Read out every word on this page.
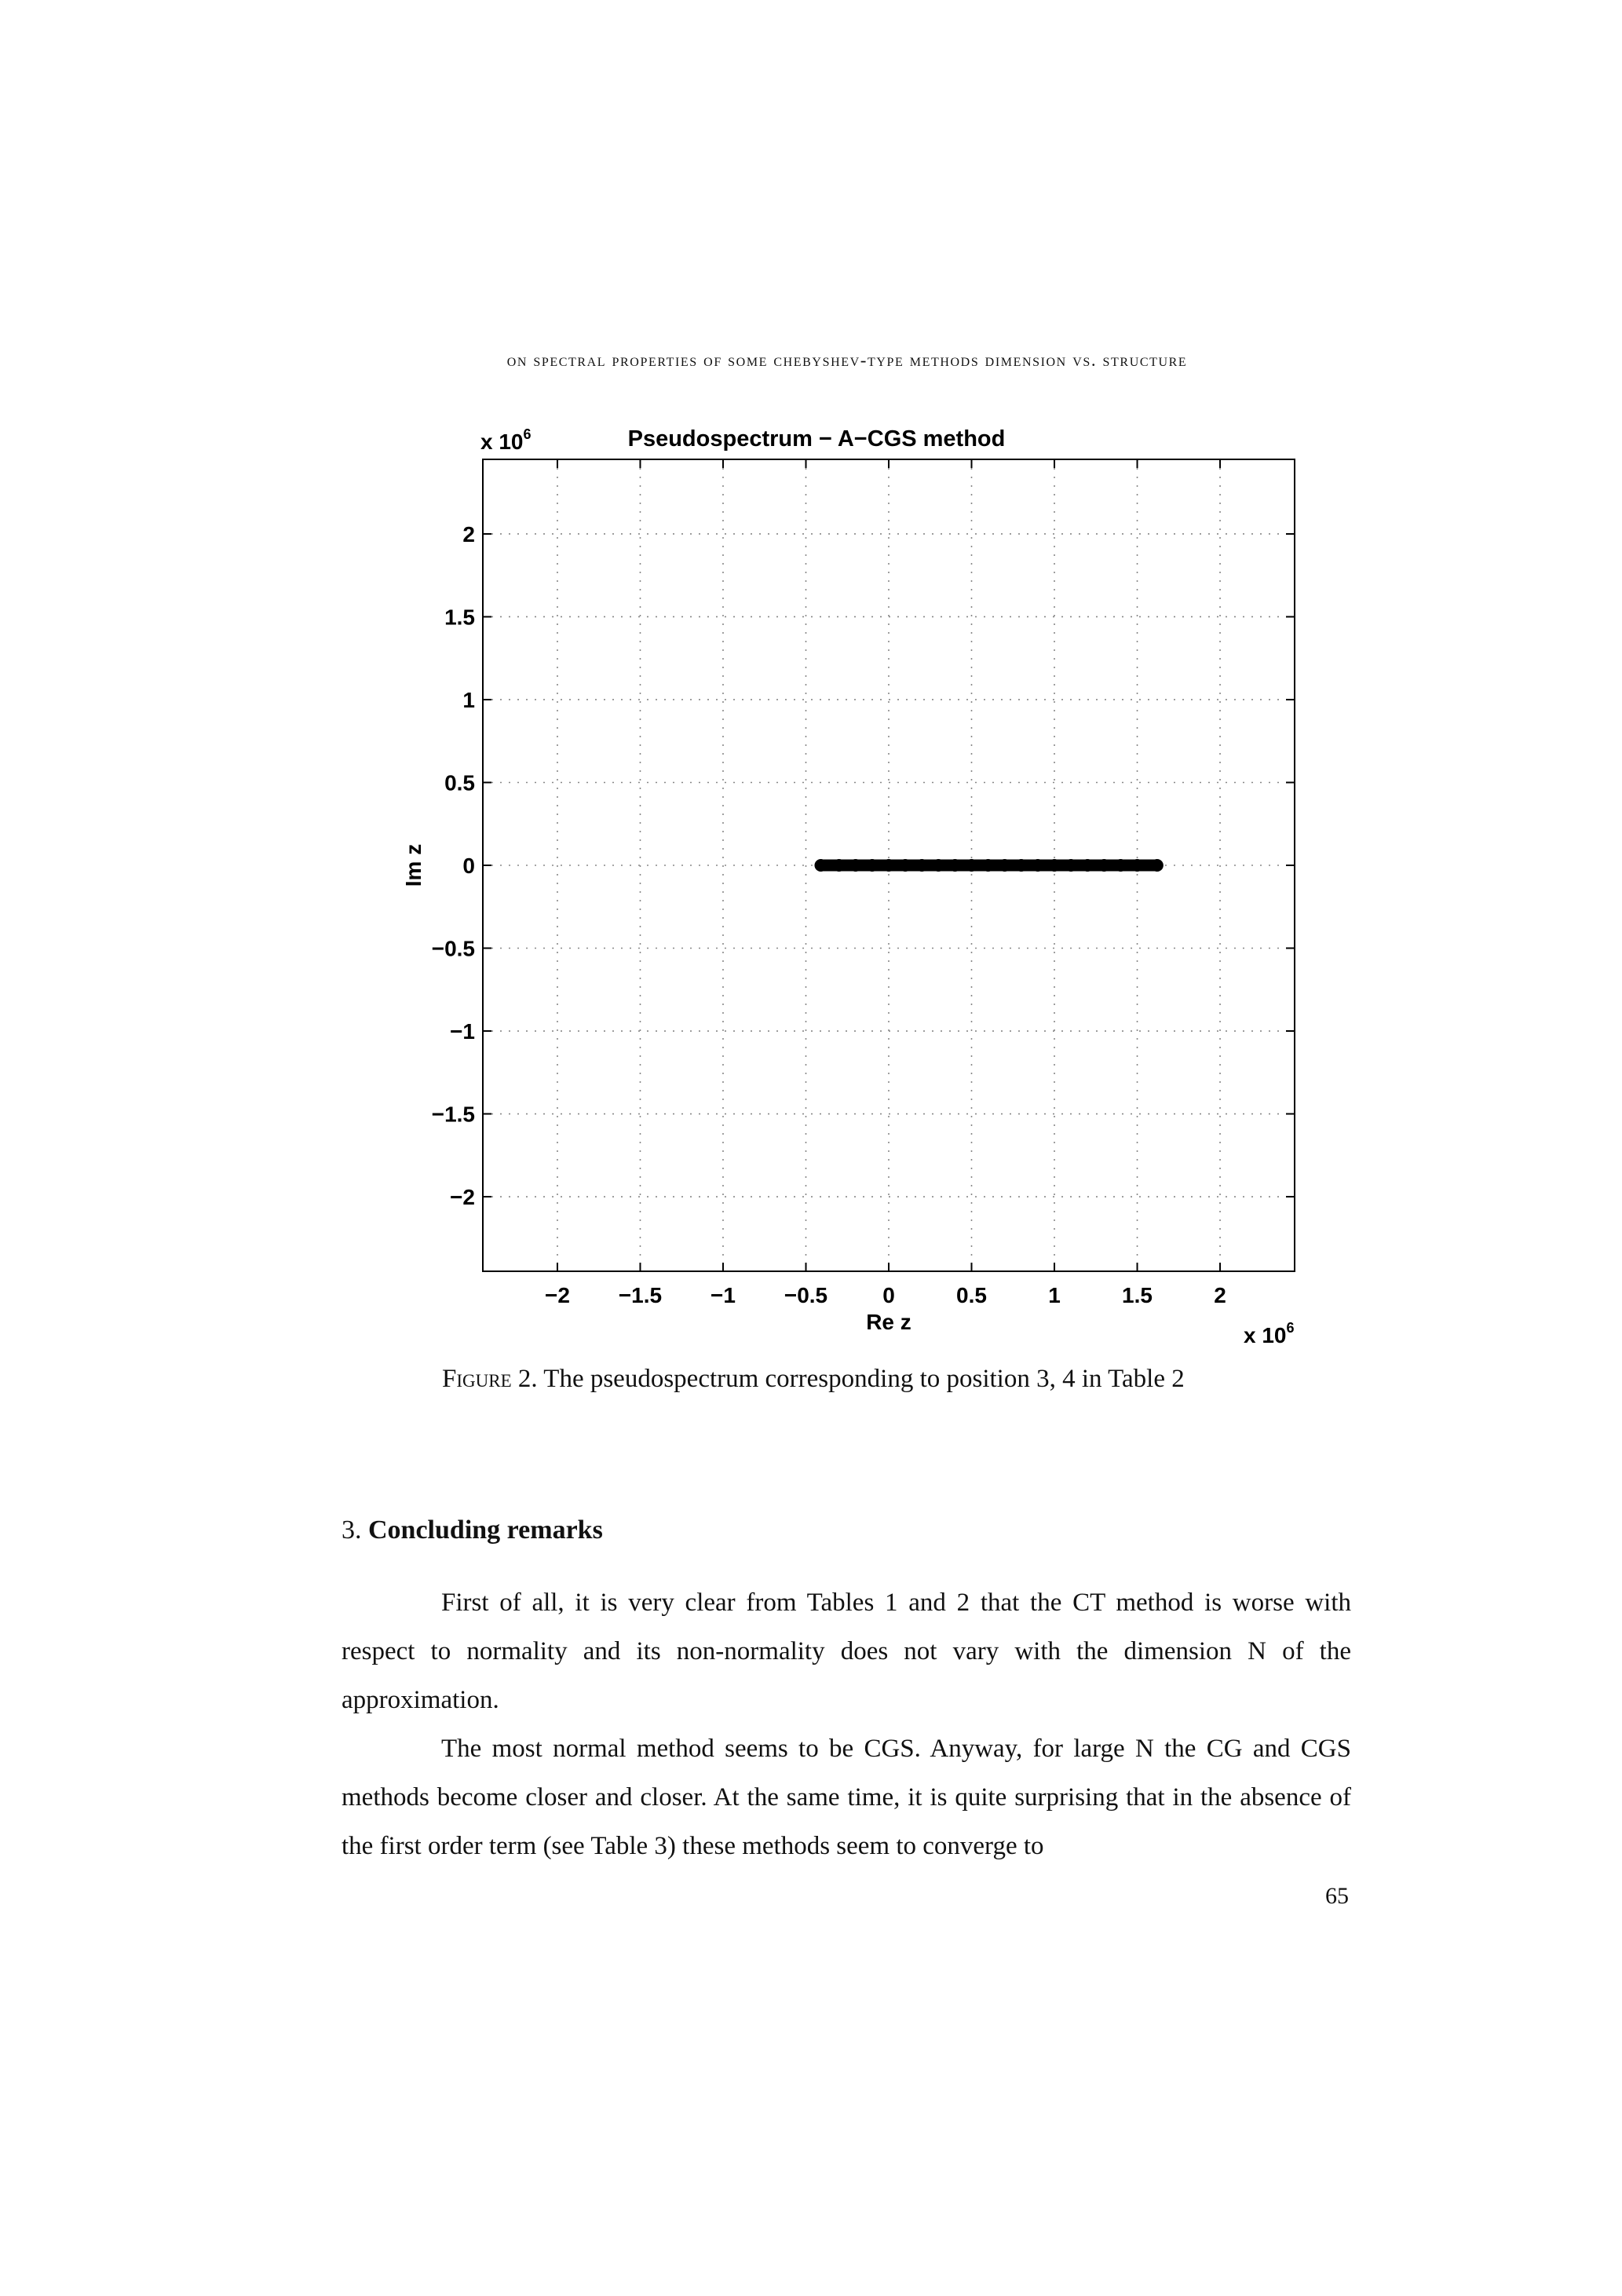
on spectral properties of some chebyshev-type methods dimension vs. structure
Pseudospectrum − A−CGS method
x $10^6$
x $10^6$
Re z
Im z
−2 −1.5 −1 −0.5	0	0.5	1	1.5	2
−2
−1.5
−1
−0.5
0
0.5
1
1.5
2
Figure 2. The pseudospectrum corresponding to position 3, 4 in Table 2
3. Concluding remarks

First of all, it is very clear from Tables 1 and 2 that the CT method is worse with respect to normality and its non-normality does not vary with the dimension N of the approximation.

The most normal method seems to be CGS. Anyway, for large N the CG and CGS methods become closer and closer. At the same time, it is quite surprising that in the absence of the first order term (see Table 3) these methods seem to converge to

65
